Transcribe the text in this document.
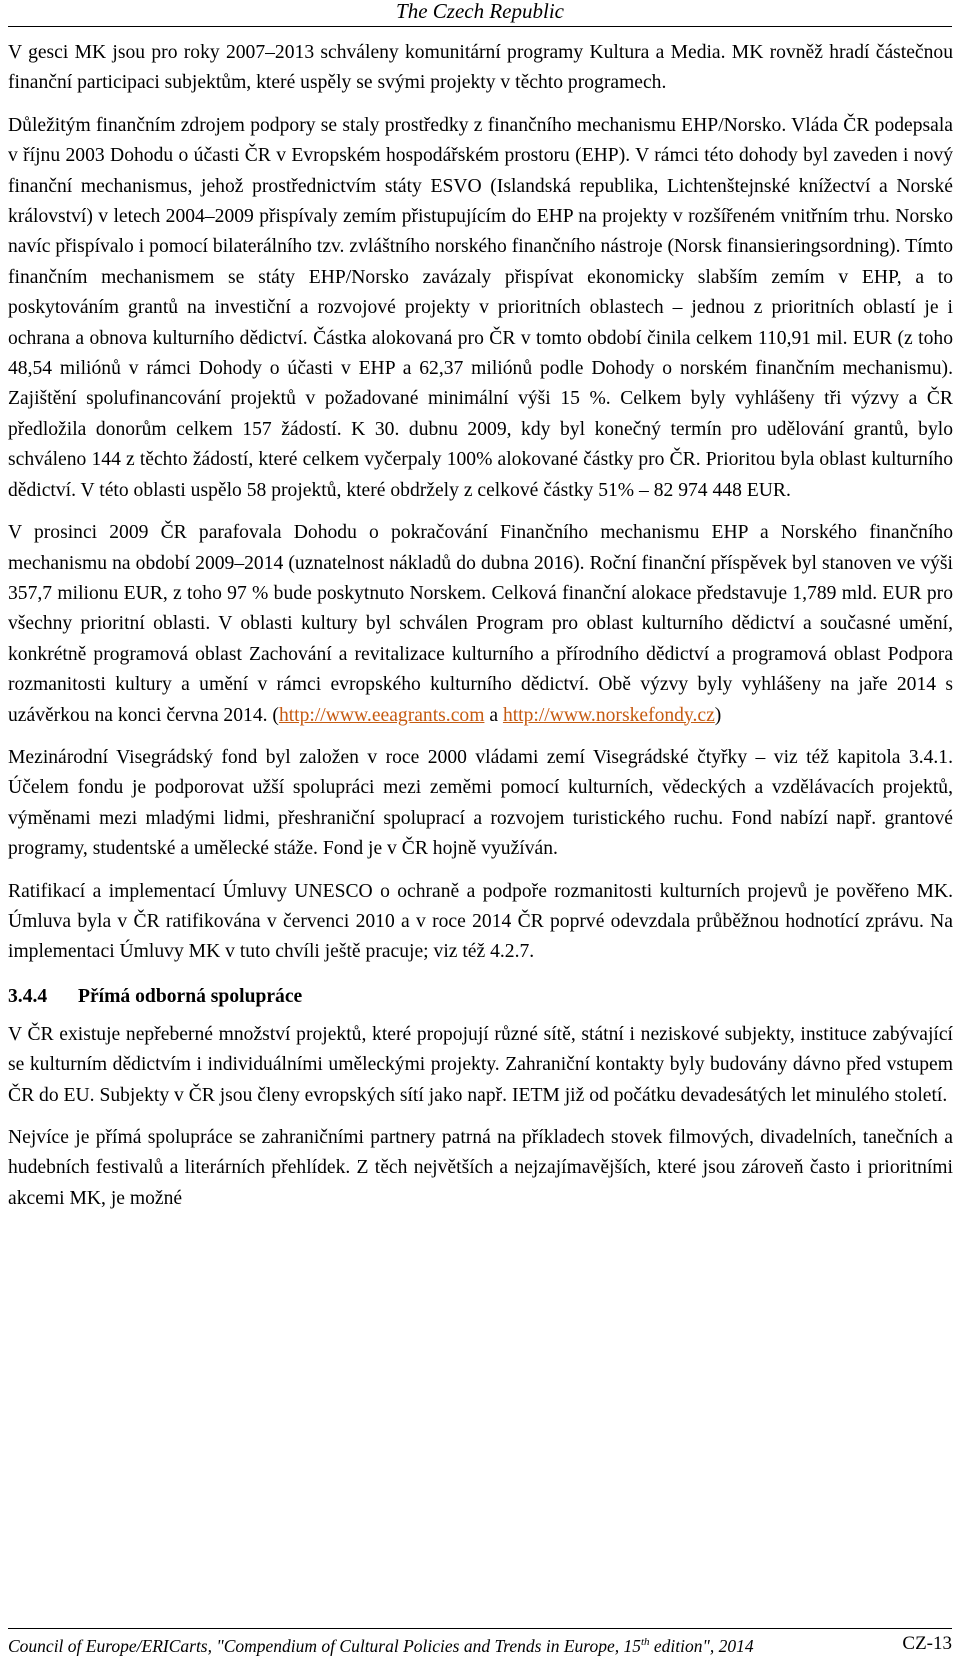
The Czech Republic

V gesci MK jsou pro roky 2007–2013 schváleny komunitární programy Kultura a Media. MK rovněž hradí částečnou finanční participaci subjektům, které uspěly se svými projekty v těchto programech.

Důležitým finančním zdrojem podpory se staly prostředky z finančního mechanismu EHP/Norsko. Vláda ČR podepsala v říjnu 2003 Dohodu o účasti ČR v Evropském hospodářském prostoru (EHP). V rámci této dohody byl zaveden i nový finanční mechanismus, jehož prostřednictvím státy ESVO (Islandská republika, Lichtenštejnské knížectví a Norské království) v letech 2004–2009 přispívaly zemím přistupujícím do EHP na projekty v rozšířeném vnitřním trhu. Norsko navíc přispívalo i pomocí bilaterálního tzv. zvláštního norského finančního nástroje (Norsk finansieringsordning). Tímto finančním mechanismem se státy EHP/Norsko zavázaly přispívat ekonomicky slabším zemím v EHP, a to poskytováním grantů na investiční a rozvojové projekty v prioritních oblastech – jednou z prioritních oblastí je i ochrana a obnova kulturního dědictví. Částka alokovaná pro ČR v tomto období činila celkem 110,91 mil. EUR (z toho 48,54 miliónů v rámci Dohody o účasti v EHP a 62,37 miliónů podle Dohody o norském finančním mechanismu). Zajištění spolufinancování projektů v požadované minimální výši 15 %. Celkem byly vyhlášeny tři výzvy a ČR předložila donorům celkem 157 žádostí. K 30. dubnu 2009, kdy byl konečný termín pro udělování grantů, bylo schváleno 144 z těchto žádostí, které celkem vyčerpaly 100% alokované částky pro ČR. Prioritou byla oblast kulturního dědictví. V této oblasti uspělo 58 projektů, které obdržely z celkové částky 51% – 82 974 448 EUR.

V prosinci 2009 ČR parafovala Dohodu o pokračování Finančního mechanismu EHP a Norského finančního mechanismu na období 2009–2014 (uznatelnost nákladů do dubna 2016). Roční finanční příspěvek byl stanoven ve výši 357,7 milionu EUR, z toho 97 % bude poskytnuto Norskem. Celková finanční alokace představuje 1,789 mld. EUR pro všechny prioritní oblasti. V oblasti kultury byl schválen Program pro oblast kulturního dědictví a současné umění, konkrétně programová oblast Zachování a revitalizace kulturního a přírodního dědictví a programová oblast Podpora rozmanitosti kultury a umění v rámci evropského kulturního dědictví. Obě výzvy byly vyhlášeny na jaře 2014 s uzávěrkou na konci června 2014. (http://www.eeagrants.com a http://www.norskefondy.cz)

Mezinárodní Visegrádský fond byl založen v roce 2000 vládami zemí Visegrádské čtyřky – viz též kapitola 3.4.1. Účelem fondu je podporovat užší spolupráci mezi zeměmi pomocí kulturních, vědeckých a vzdělávacích projektů, výměnami mezi mladými lidmi, přeshraniční spoluprací a rozvojem turistického ruchu. Fond nabízí např. grantové programy, studentské a umělecké stáže. Fond je v ČR hojně využíván.

Ratifikací a implementací Úmluvy UNESCO o ochraně a podpoře rozmanitosti kulturních projevů je pověřeno MK. Úmluva byla v ČR ratifikována v červenci 2010 a v roce 2014 ČR poprvé odevzdala průběžnou hodnotící zprávu. Na implementaci Úmluvy MK v tuto chvíli ještě pracuje; viz též 4.2.7.

3.4.4 Přímá odborná spolupráce

V ČR existuje nepřeberné množství projektů, které propojují různé sítě, státní i neziskové subjekty, instituce zabývající se kulturním dědictvím i individuálními uměleckými projekty. Zahraniční kontakty byly budovány dávno před vstupem ČR do EU. Subjekty v ČR jsou členy evropských sítí jako např. IETM již od počátku devadesátých let minulého století.

Nejvíce je přímá spolupráce se zahraničními partnery patrná na příkladech stovek filmových, divadelních, tanečních a hudebních festivalů a literárních přehlídek. Z těch největších a nejzajímavějších, které jsou zároveň často i prioritními akcemi MK, je možné

Council of Europe/ERICarts, "Compendium of Cultural Policies and Trends in Europe, 15th edition", 2014	CZ-13
